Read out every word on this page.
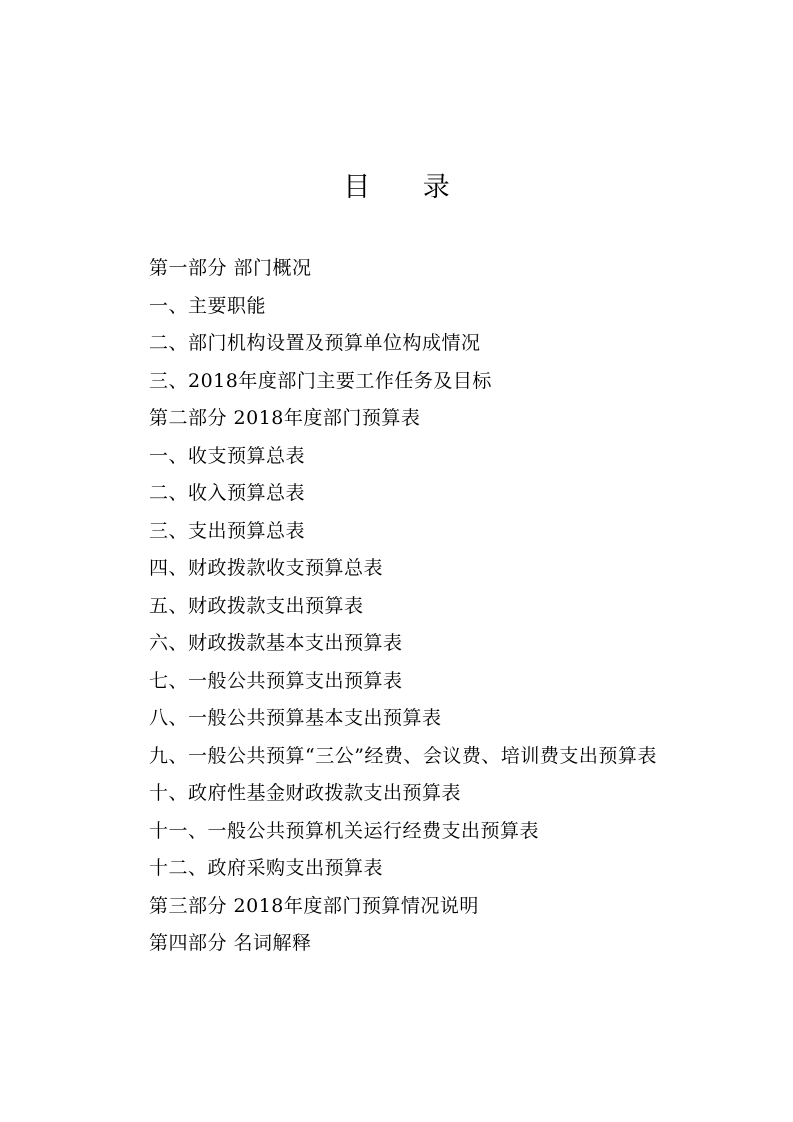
目 录
第一部分 部门概况
一、主要职能
二、部门机构设置及预算单位构成情况
三、2018年度部门主要工作任务及目标
第二部分 2018年度部门预算表
一、收支预算总表
二、收入预算总表
三、支出预算总表
四、财政拨款收支预算总表
五、财政拨款支出预算表
六、财政拨款基本支出预算表
七、一般公共预算支出预算表
八、一般公共预算基本支出预算表
九、一般公共预算“三公”经费、会议费、培训费支出预算表
十、政府性基金财政拨款支出预算表
十一、一般公共预算机关运行经费支出预算表
十二、政府采购支出预算表
第三部分 2018年度部门预算情况说明
第四部分 名词解释
